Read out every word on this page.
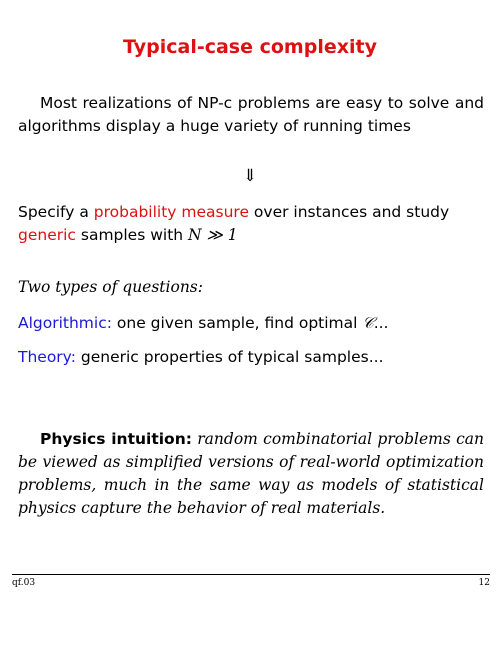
Typical-case complexity
Most realizations of NP-c problems are easy to solve and algorithms display a huge variety of running times
⇓
Specify a probability measure over instances and study generic samples with N ≫ 1
Two types of questions:
Algorithmic: one given sample, find optimal 𝒞...
Theory: generic properties of typical samples...
Physics intuition: random combinatorial problems can be viewed as simplified versions of real-world optimization problems, much in the same way as models of statistical physics capture the behavior of real materials.
qf.03	12
